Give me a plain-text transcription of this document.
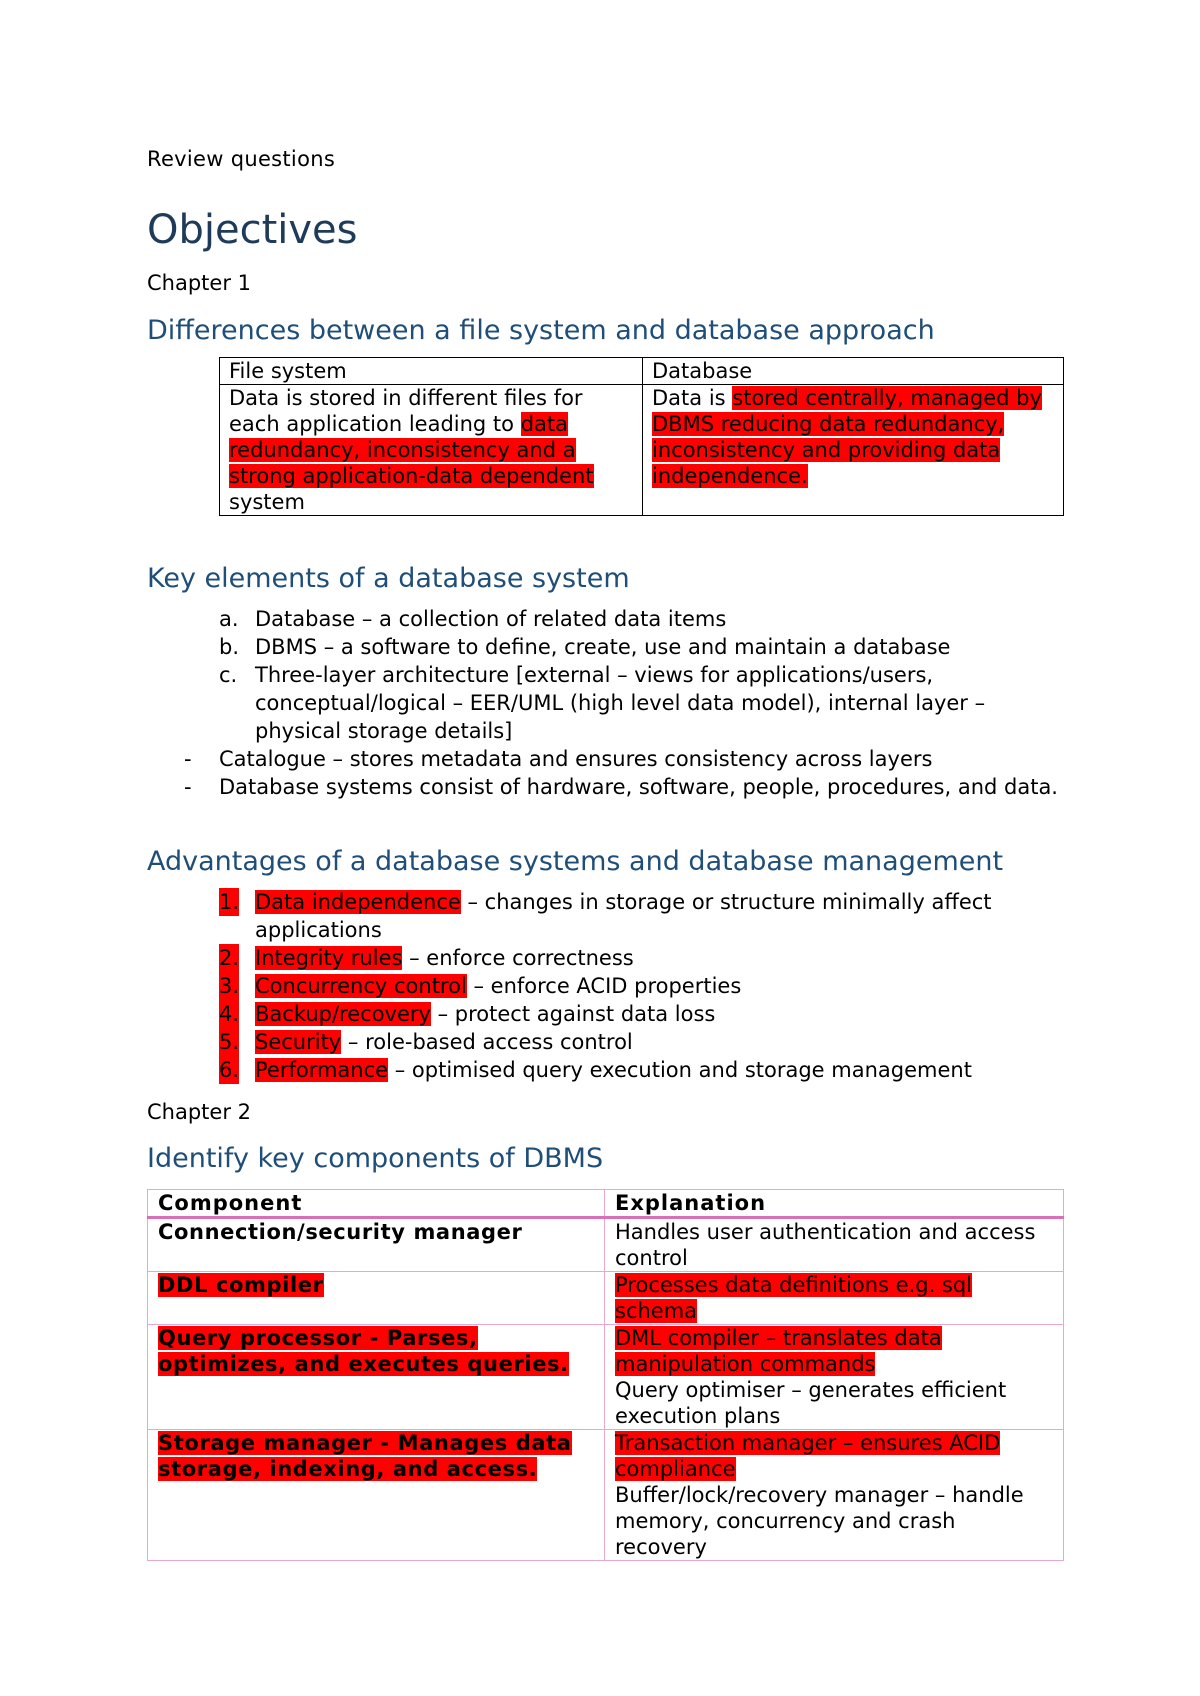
Review questions
Objectives
Chapter 1
Differences between a file system and database approach
File system	Database
Data is stored in different files for each application leading to data redundancy, inconsistency and a strong application-data dependent system	Data is stored centrally, managed by DBMS reducing data redundancy, inconsistency and providing data independence.
Key elements of a database system
a. Database – a collection of related data items
b. DBMS – a software to define, create, use and maintain a database
c. Three-layer architecture [external – views for applications/users, conceptual/logical – EER/UML (high level data model), internal layer – physical storage details]
- Catalogue – stores metadata and ensures consistency across layers
- Database systems consist of hardware, software, people, procedures, and data.
Advantages of a database systems and database management
1. Data independence – changes in storage or structure minimally affect applications
2. Integrity rules – enforce correctness
3. Concurrency control – enforce ACID properties
4. Backup/recovery – protect against data loss
5. Security – role-based access control
6. Performance – optimised query execution and storage management
Chapter 2
Identify key components of DBMS
Component	Explanation
Connection/security manager	Handles user authentication and access control
DDL compiler	Processes data definitions e.g. sql schema
Query processor - Parses, optimizes, and executes queries.	DML compiler – translates data manipulation commands
Query optimiser – generates efficient execution plans
Storage manager - Manages data storage, indexing, and access.	Transaction manager – ensures ACID compliance
Buffer/lock/recovery manager – handle memory, concurrency and crash recovery
